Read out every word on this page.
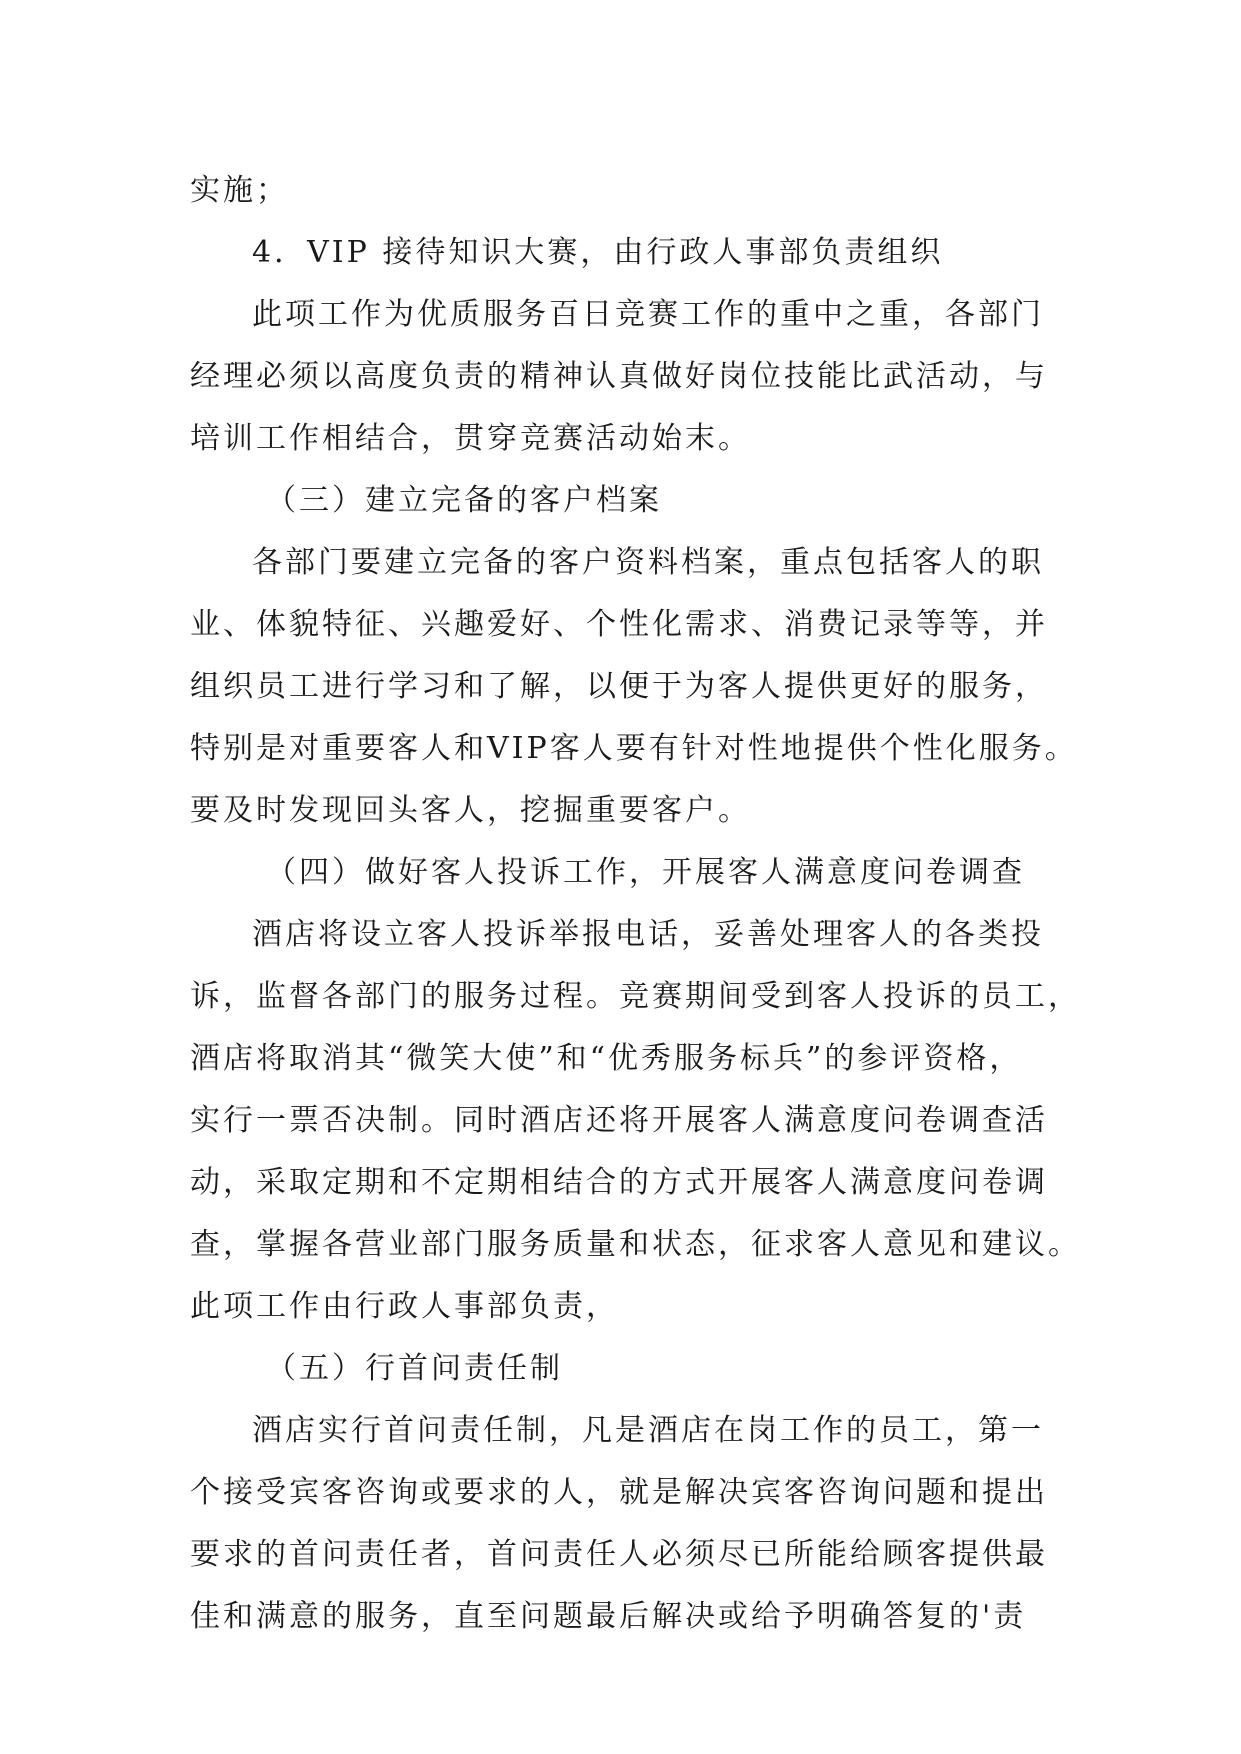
实施；
4．VIP 接待知识大赛，由行政人事部负责组织
此项工作为优质服务百日竞赛工作的重中之重，各部门
经理必须以高度负责的精神认真做好岗位技能比武活动，与
培训工作相结合，贯穿竞赛活动始末。
（三）建立完备的客户档案
各部门要建立完备的客户资料档案，重点包括客人的职
业、体貌特征、兴趣爱好、个性化需求、消费记录等等，并
组织员工进行学习和了解，以便于为客人提供更好的服务，
特别是对重要客人和VIP客人要有针对性地提供个性化服务。
要及时发现回头客人，挖掘重要客户。
（四）做好客人投诉工作，开展客人满意度问卷调查
酒店将设立客人投诉举报电话，妥善处理客人的各类投
诉，监督各部门的服务过程。竞赛期间受到客人投诉的员工，
酒店将取消其“微笑大使”和“优秀服务标兵”的参评资格，
实行一票否决制。同时酒店还将开展客人满意度问卷调查活
动，采取定期和不定期相结合的方式开展客人满意度问卷调
查，掌握各营业部门服务质量和状态，征求客人意见和建议。
此项工作由行政人事部负责，
（五）行首问责任制
酒店实行首问责任制，凡是酒店在岗工作的员工，第一
个接受宾客咨询或要求的人，就是解决宾客咨询问题和提出
要求的首问责任者，首问责任人必须尽已所能给顾客提供最
佳和满意的服务，直至问题最后解决或给予明确答复的'责
